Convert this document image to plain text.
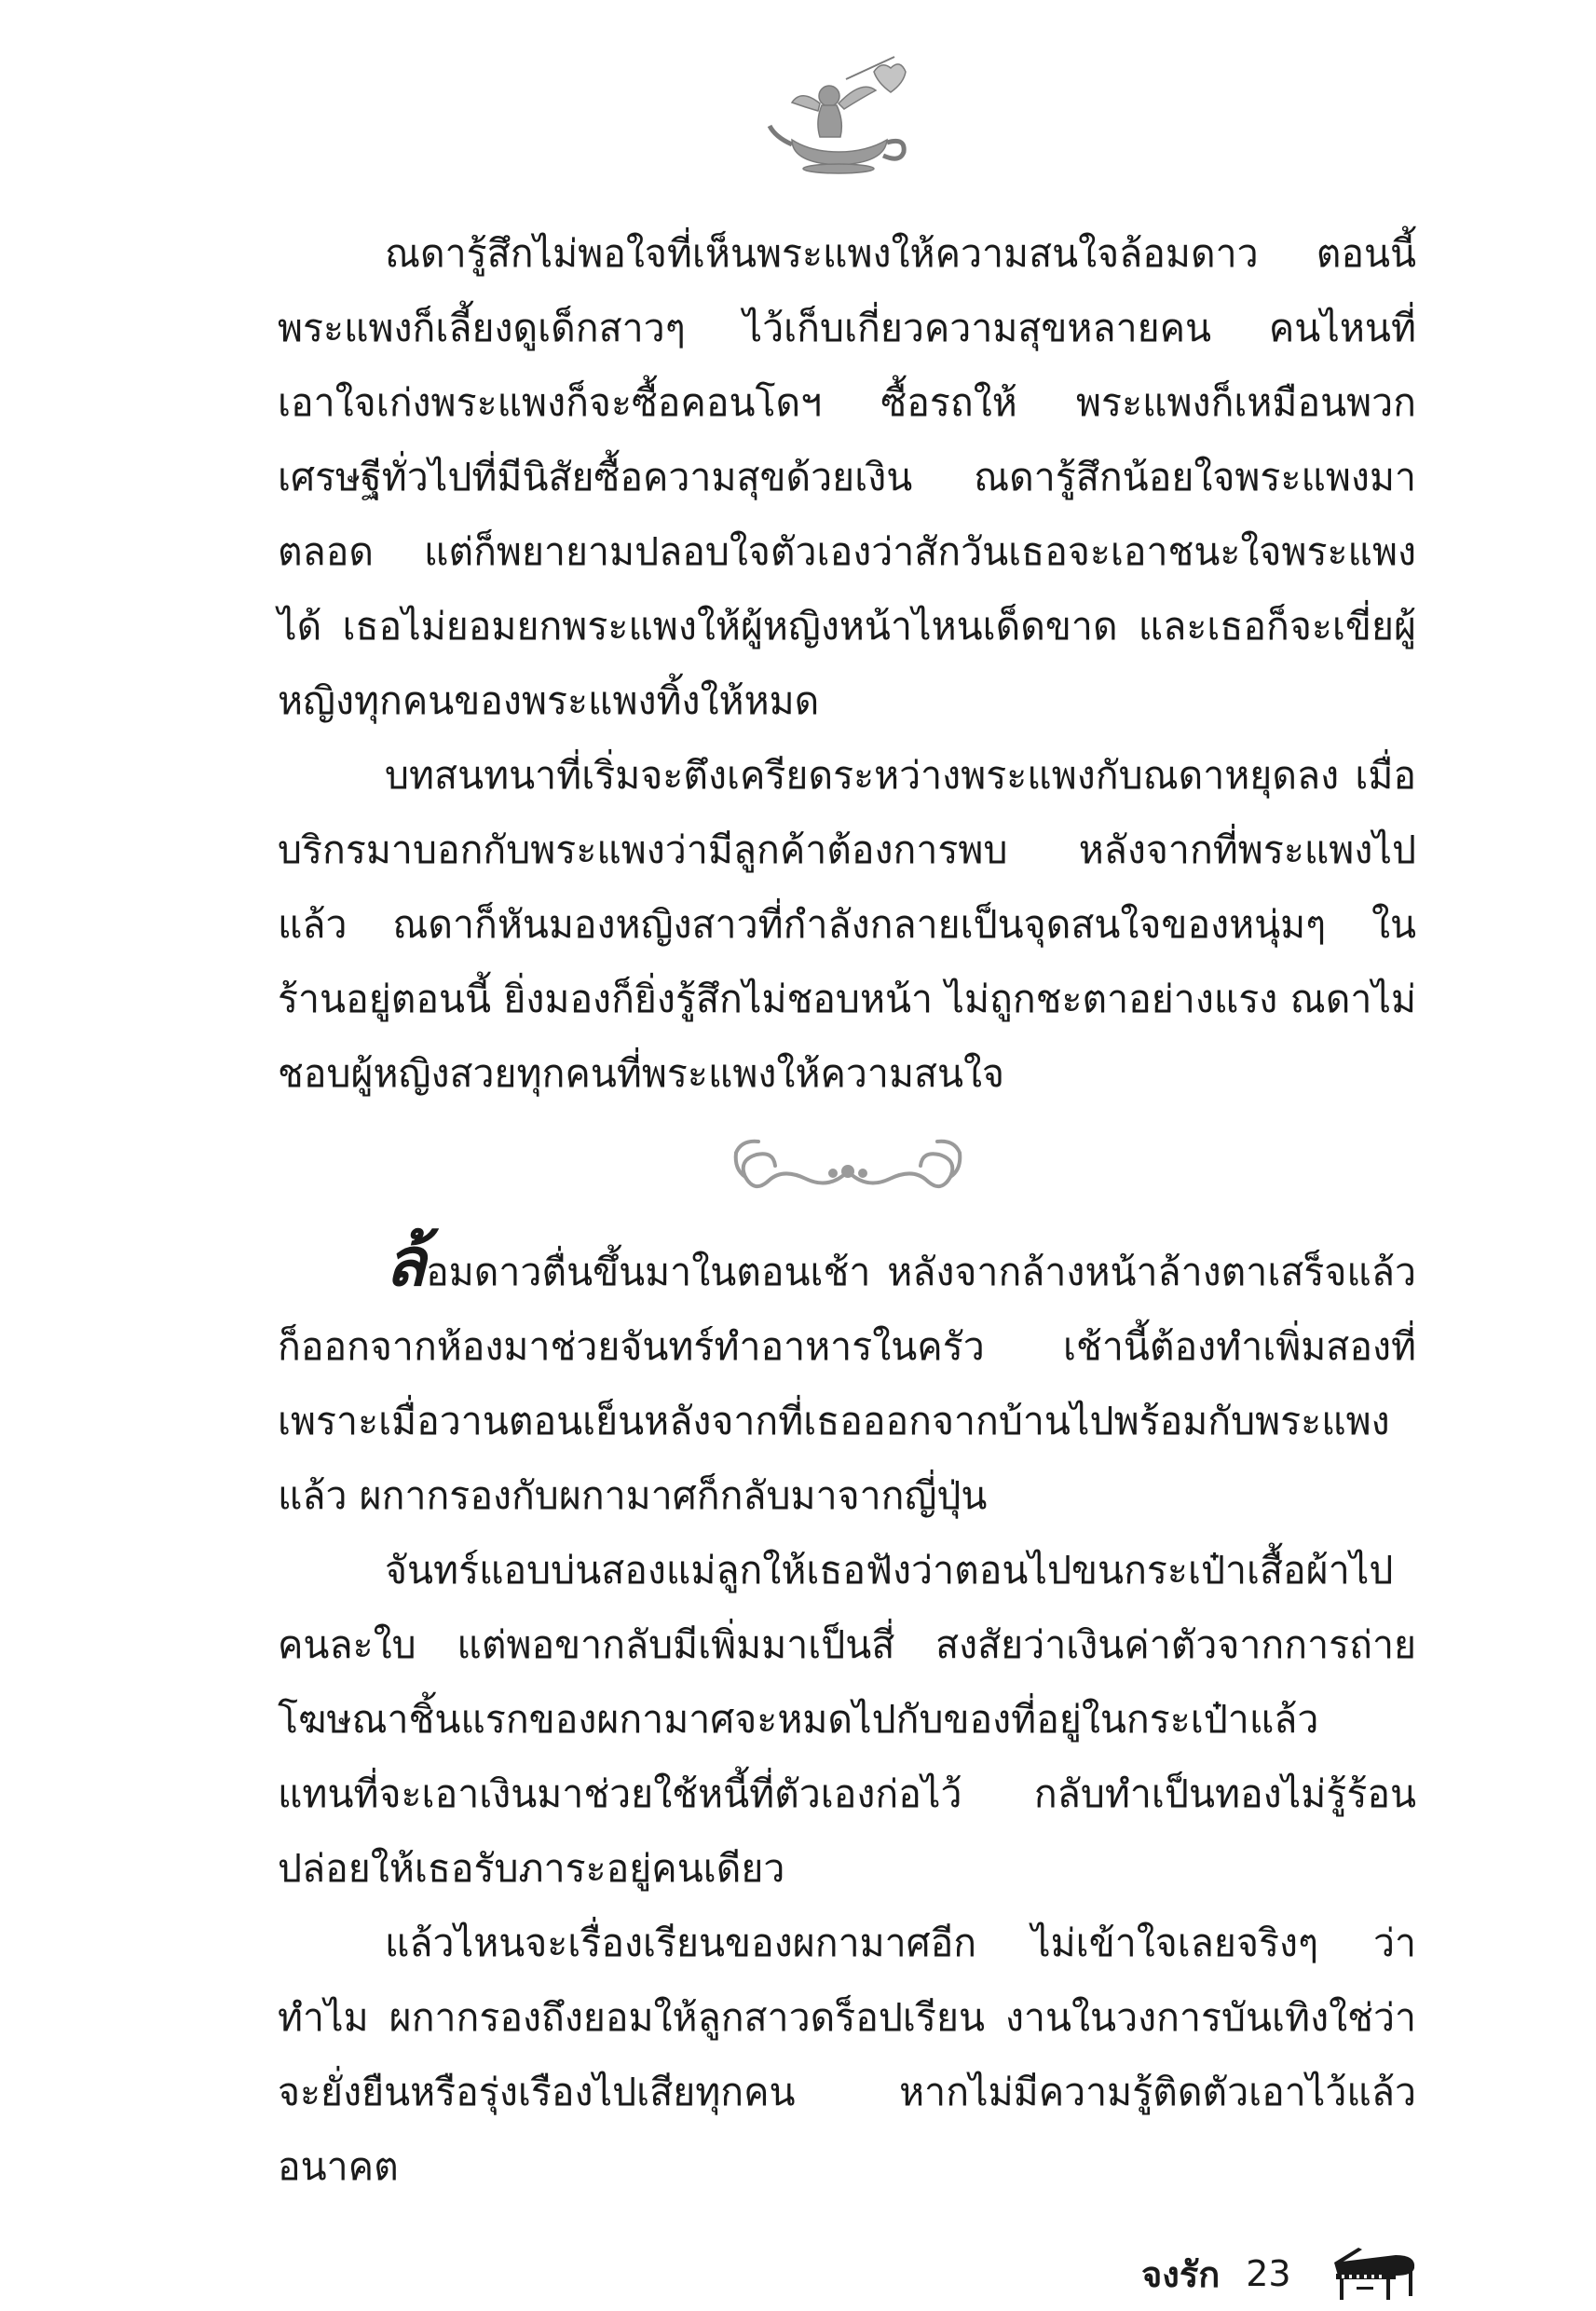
ณดารู้สึกไม่พอใจที่เห็นพระแพงให้ความสนใจล้อมดาว ตอนนี้ พระแพงก็เลี้ยงดูเด็กสาวๆ ไว้เก็บเกี่ยวความสุขหลายคน คนไหนที่เอาใจเก่งพระแพงก็จะซื้อคอนโดฯ ซื้อรถให้ พระแพงก็เหมือนพวกเศรษฐีทั่วไปที่มีนิสัยซื้อความสุขด้วยเงิน ณดารู้สึกน้อยใจพระแพงมาตลอด แต่ก็พยายามปลอบใจตัวเองว่าสักวันเธอจะเอาชนะใจพระแพงได้ เธอไม่ยอมยกพระแพงให้ผู้หญิงหน้าไหนเด็ดขาด และเธอก็จะเขี่ยผู้หญิงทุกคนของพระแพงทิ้งให้หมด

บทสนทนาที่เริ่มจะตึงเครียดระหว่างพระแพงกับณดาหยุดลง เมื่อบริกรมาบอกกับพระแพงว่ามีลูกค้าต้องการพบ หลังจากที่พระแพงไปแล้ว ณดาก็หันมองหญิงสาวที่กำลังกลายเป็นจุดสนใจของหนุ่มๆ ในร้านอยู่ตอนนี้ ยิ่งมองก็ยิ่งรู้สึกไม่ชอบหน้า ไม่ถูกชะตาอย่างแรง ณดาไม่ชอบผู้หญิงสวยทุกคนที่พระแพงให้ความสนใจ

ล้อมดาวตื่นขึ้นมาในตอนเช้า หลังจากล้างหน้าล้างตาเสร็จแล้ว ก็ออกจากห้องมาช่วยจันทร์ทำอาหารในครัว เช้านี้ต้องทำเพิ่มสองที่ เพราะเมื่อวานตอนเย็นหลังจากที่เธอออกจากบ้านไปพร้อมกับพระแพงแล้ว ผกากรองกับผกามาศก็กลับมาจากญี่ปุ่น

จันทร์แอบบ่นสองแม่ลูกให้เธอฟังว่าตอนไปขนกระเป๋าเสื้อผ้าไปคนละใบ แต่พอขากลับมีเพิ่มมาเป็นสี่ สงสัยว่าเงินค่าตัวจากการถ่ายโฆษณาชิ้นแรกของผกามาศจะหมดไปกับของที่อยู่ในกระเป๋าแล้ว แทนที่จะเอาเงินมาช่วยใช้หนี้ที่ตัวเองก่อไว้ กลับทำเป็นทองไม่รู้ร้อน ปล่อยให้เธอรับภาระอยู่คนเดียว

แล้วไหนจะเรื่องเรียนของผกามาศอีก ไม่เข้าใจเลยจริงๆ ว่าทำไม ผกากรองถึงยอมให้ลูกสาวดร็อปเรียน งานในวงการบันเทิงใช่ว่าจะยั่งยืนหรือรุ่งเรืองไปเสียทุกคน หากไม่มีความรู้ติดตัวเอาไว้แล้วอนาคต

จงรัก 23
